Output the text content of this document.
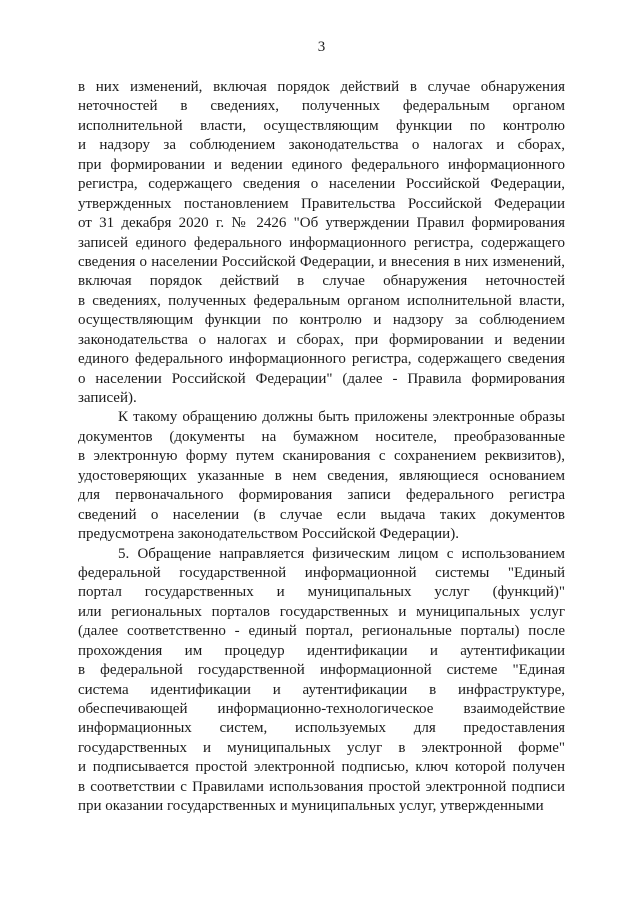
3
в них изменений, включая порядок действий в случае обнаружения
неточностей в сведениях, полученных федеральным органом
исполнительной власти, осуществляющим функции по контролю
и надзору за соблюдением законодательства о налогах и сборах,
при формировании и ведении единого федерального информационного
регистра, содержащего сведения о населении Российской Федерации,
утвержденных постановлением Правительства Российской Федерации
от 31 декабря 2020 г. № 2426 "Об утверждении Правил формирования
записей единого федерального информационного регистра, содержащего
сведения о населении Российской Федерации, и внесения в них изменений,
включая порядок действий в случае обнаружения неточностей
в сведениях, полученных федеральным органом исполнительной власти,
осуществляющим функции по контролю и надзору за соблюдением
законодательства о налогах и сборах, при формировании и ведении
единого федерального информационного регистра, содержащего сведения
о населении Российской Федерации" (далее - Правила формирования
записей).
К такому обращению должны быть приложены электронные образы
документов (документы на бумажном носителе, преобразованные
в электронную форму путем сканирования с сохранением реквизитов),
удостоверяющих указанные в нем сведения, являющиеся основанием
для первоначального формирования записи федерального регистра
сведений о населении (в случае если выдача таких документов
предусмотрена законодательством Российской Федерации).
5. Обращение направляется физическим лицом с использованием
федеральной государственной информационной системы "Единый
портал государственных и муниципальных услуг (функций)"
или региональных порталов государственных и муниципальных услуг
(далее соответственно - единый портал, региональные порталы) после
прохождения им процедур идентификации и аутентификации
в федеральной государственной информационной системе "Единая
система идентификации и аутентификации в инфраструктуре,
обеспечивающей информационно-технологическое взаимодействие
информационных систем, используемых для предоставления
государственных и муниципальных услуг в электронной форме"
и подписывается простой электронной подписью, ключ которой получен
в соответствии с Правилами использования простой электронной подписи
при оказании государственных и муниципальных услуг, утвержденными
